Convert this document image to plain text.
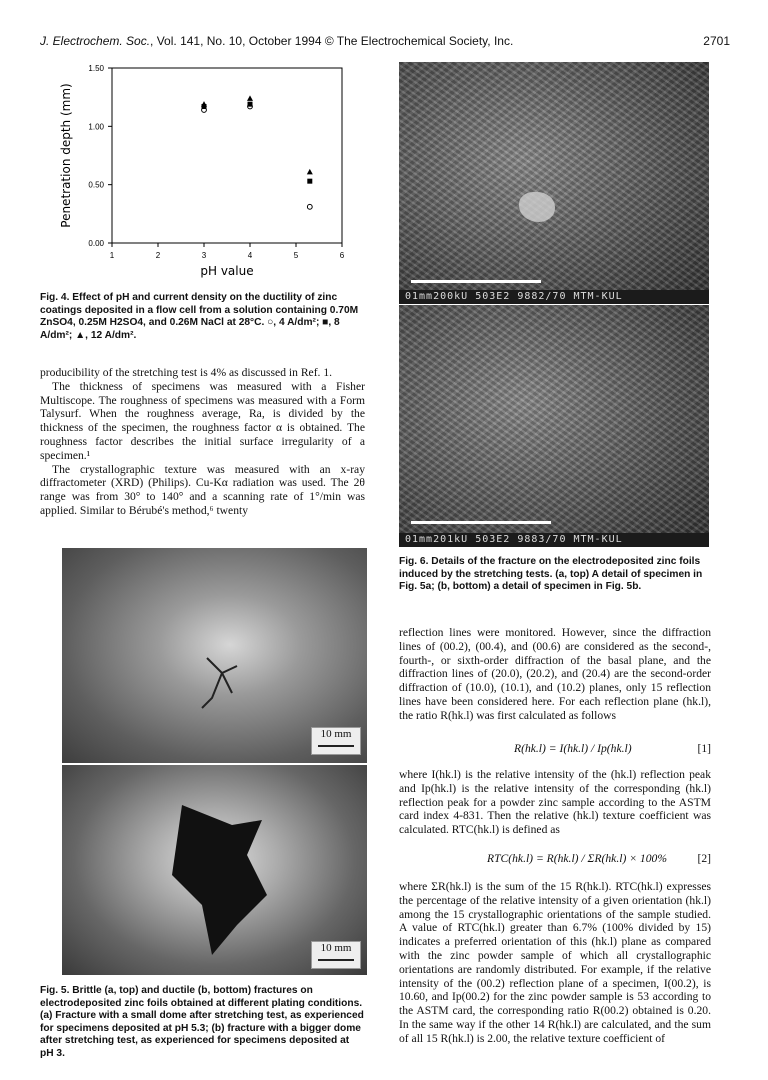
J. Electrochem. Soc., Vol. 141, No. 10, October 1994 © The Electrochemical Society, Inc.	2701
1	2	3	4	5	6
0.00
0.50
1.00
1.50
pH value
Penetration depth (mm)
Fig. 4. Effect of pH and current density on the ductility of zinc coatings deposited in a flow cell from a solution containing 0.70M ZnSO4, 0.25M H2SO4, and 0.26M NaCl at 28°C. ○, 4 A/dm²; ■, 8 A/dm²; ▲, 12 A/dm².

producibility of the stretching test is 4% as discussed in Ref. 1.

The thickness of specimens was measured with a Fisher Multiscope. The roughness of specimens was measured with a Form Talysurf. When the roughness average, Ra, is divided by the thickness of the specimen, the roughness factor α is obtained. The roughness factor describes the initial surface irregularity of a specimen.¹

The crystallographic texture was measured with an x-ray diffractometer (XRD) (Philips). Cu-Kα radiation was used. The 2θ range was from 30° to 140° and a scanning rate of 1°/min was applied. Similar to Bérubé's method,⁶ twenty

01mm200kU 503E2 9882/70 MTM-KUL
01mm201kU 503E2 9883/70 MTM-KUL
Fig. 6. Details of the fracture on the electrodeposited zinc foils induced by the stretching tests. (a, top) A detail of specimen in Fig. 5a; (b, bottom) a detail of specimen in Fig. 5b.
10 mm
10 mm
Fig. 5. Brittle (a, top) and ductile (b, bottom) fractures on electrodeposited zinc foils obtained at different plating conditions. (a) Fracture with a small dome after stretching test, as experienced for specimens deposited at pH 5.3; (b) fracture with a bigger dome after stretching test, as experienced for specimens deposited at pH 3.

reflection lines were monitored. However, since the diffraction lines of (00.2), (00.4), and (00.6) are considered as the second-, fourth-, or sixth-order diffraction of the basal plane, and the diffraction lines of (20.0), (20.2), and (20.4) are the second-order diffraction of (10.0), (10.1), and (10.2) planes, only 15 reflection lines have been considered here. For each reflection plane (hk.l), the ratio R(hk.l) was first calculated as follows

R(hk.l) = I(hk.l) / Ip(hk.l)	[1]

where I(hk.l) is the relative intensity of the (hk.l) reflection peak and Ip(hk.l) is the relative intensity of the corresponding (hk.l) reflection peak for a powder zinc sample according to the ASTM card index 4-831. Then the relative (hk.l) texture coefficient was calculated. RTC(hk.l) is defined as

RTC(hk.l) = R(hk.l) / ΣR(hk.l) × 100%	[2]

where ΣR(hk.l) is the sum of the 15 R(hk.l). RTC(hk.l) expresses the percentage of the relative intensity of a given orientation (hk.l) among the 15 crystallographic orientations of the sample studied. A value of RTC(hk.l) greater than 6.7% (100% divided by 15) indicates a preferred orientation of this (hk.l) plane as compared with the zinc powder sample of which all crystallographic orientations are randomly distributed. For example, if the relative intensity of the (00.2) reflection plane of a specimen, I(00.2), is 10.60, and Ip(00.2) for the zinc powder sample is 53 according to the ASTM card, the corresponding ratio R(00.2) obtained is 0.20. In the same way if the other 14 R(hk.l) are calculated, and the sum of all 15 R(hk.l) is 2.00, the relative texture coefficient of
